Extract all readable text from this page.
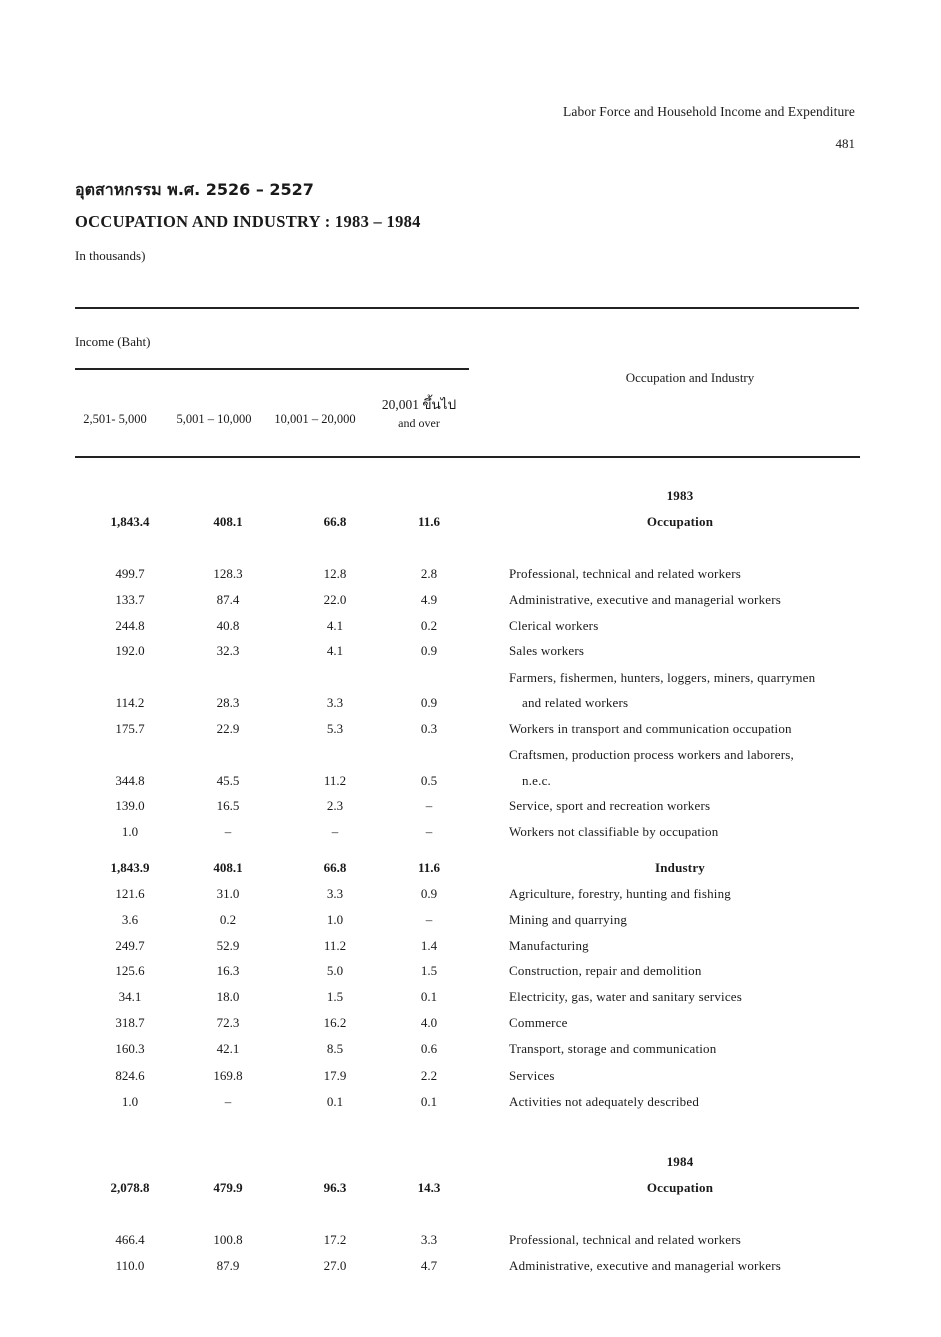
Labor Force and Household Income and Expenditure
481
อุตสาหกรรม พ.ศ. 2526 – 2527
OCCUPATION AND INDUSTRY : 1983 – 1984
In thousands)
Income (Baht)
2,501- 5,000	5,001 – 10,000	10,001 – 20,000
20,001 ขึ้นไป
and over
Occupation and Industry
1983
1,843.4	408.1	66.8	11.6	Occupation
499.7	128.3	12.8	2.8	Professional, technical and related workers
133.7	87.4	22.0	4.9	Administrative, executive and managerial workers
244.8	40.8	4.1	0.2	Clerical workers
192.0	32.3	4.1	0.9	Sales workers
Farmers, fishermen, hunters, loggers, miners, quarrymen
114.2	28.3	3.3	0.9	and related workers
175.7	22.9	5.3	0.3	Workers in transport and communication occupation
Craftsmen, production process workers and laborers,
344.8	45.5	11.2	0.5	n.e.c.
139.0	16.5	2.3	–	Service, sport and recreation workers
1.0	–	–	–	Workers not classifiable by occupation
1,843.9	408.1	66.8	11.6	Industry
121.6	31.0	3.3	0.9	Agriculture, forestry, hunting and fishing
3.6	0.2	1.0	–	Mining and quarrying
249.7	52.9	11.2	1.4	Manufacturing
125.6	16.3	5.0	1.5	Construction, repair and demolition
34.1	18.0	1.5	0.1	Electricity, gas, water and sanitary services
318.7	72.3	16.2	4.0	Commerce
160.3	42.1	8.5	0.6	Transport, storage and communication
824.6	169.8	17.9	2.2	Services
1.0	–	0.1	0.1	Activities not adequately described
1984
2,078.8	479.9	96.3	14.3	Occupation
466.4	100.8	17.2	3.3	Professional, technical and related workers
110.0	87.9	27.0	4.7	Administrative, executive and managerial workers
